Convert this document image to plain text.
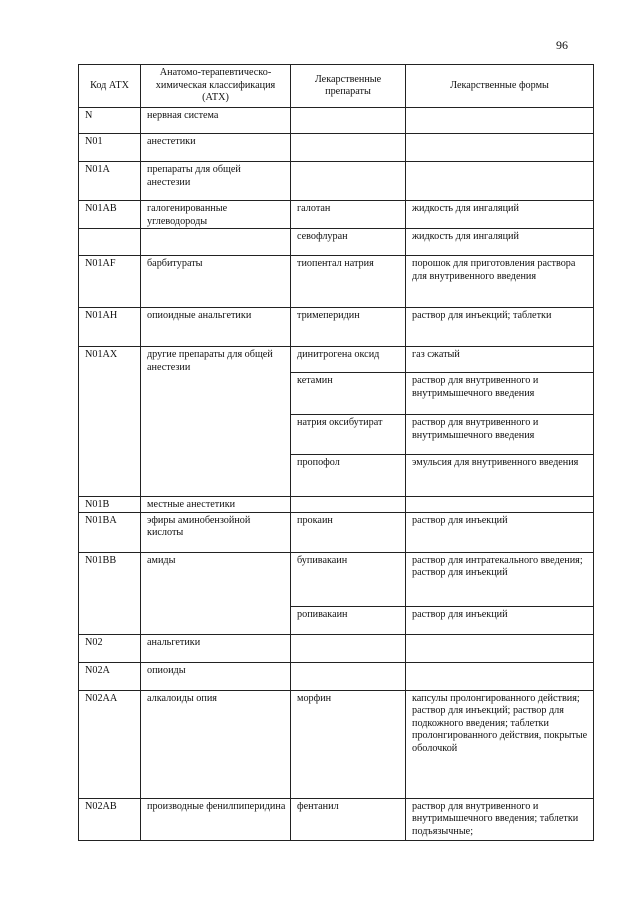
96
Код АТХ	Анатомо-терапевтическо-химическая классификация (АТХ)	Лекарственные препараты	Лекарственные формы
N	нервная система		
N01	анестетики		
N01A	препараты для общей анестезии		
N01AB	галогенированные углеводороды	галотан	жидкость для ингаляций
		севофлуран	жидкость для ингаляций
N01AF	барбитураты	тиопентал натрия	порошок для приготовления раствора для внутривенного введения
N01AH	опиоидные анальгетики	тримеперидин	раствор для инъекций; таблетки
N01AX	другие препараты для общей анестезии	динитрогена оксид	газ сжатый
		кетамин	раствор для внутривенного и внутримышечного введения
		натрия оксибутират	раствор для внутривенного и внутримышечного введения
		пропофол	эмульсия для внутривенного введения
N01B	местные анестетики		
N01BA	эфиры аминобензойной кислоты	прокаин	раствор для инъекций
N01BB	амиды	бупивакаин	раствор для интратекального введения; раствор для инъекций

		ропивакаин	раствор для инъекций
N02	анальгетики		
N02A	опиоиды		
N02AA	алкалоиды опия	морфин	капсулы пролонгированного действия; раствор для инъекций; раствор для подкожного введения; таблетки пролонгированного действия, покрытые оболочкой
N02AB	производные фенилпиперидина	фентанил	раствор для внутривенного и внутримышечного введения; таблетки подъязычные;
